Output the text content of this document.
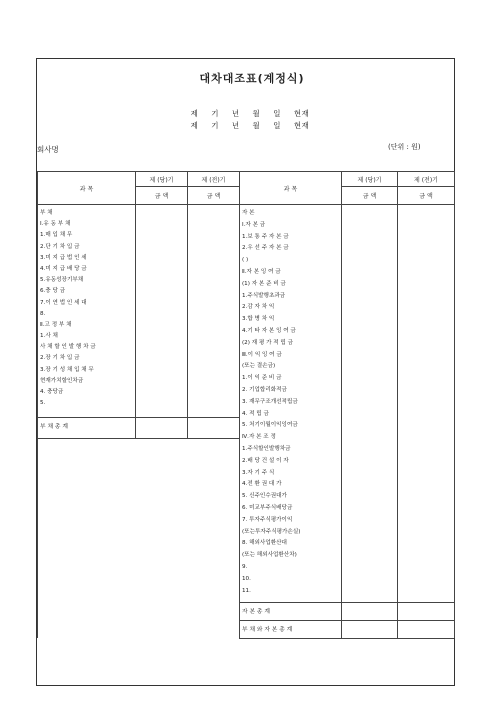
대차대조표(계정식)
제 기 년 월 일 현재
제 기 년 월 일 현재
회사명	(단위 : 원)
과 목	제 (당)기	제 (전)기	과 목	제 (당)기	제 (전)기
	금 액	금 액		금 액	금 액
부 채
Ⅰ.유 동 부 채
1.매 입 채 무
2.단 기 차 입 금
3.미 지 급 법 인 세
4.미 지 급 배 당 금
5.유동성장기부채
6.충 당 금
7.이 연 법 인 세 대
8.
Ⅱ.고 정 부 채
1.사 채
사 채 할 인 발 행 차 금
2.장 기 차 입 금
3.장 기 성 채 입 채 무
현재가치할인차금
4. 충당금
5.
부 채 총 계
자 본
Ⅰ.자 본 금
1.보 통 주 자 본 금
2.우 선 주 자 본 금
( )
Ⅱ.자 본 잉 여 금
(1) 자 본 준 비 금
1.주식발행초과금
2.감 자 차 익
3.합 병 차 익
4.기 타 자 본 잉 여 금
(2) 재 평 가 적 립 금
Ⅲ.이 익 잉 여 금
(또는 결손금)
1.이 익 준 비 금
2. 기업합리화적금
3. 재무구조개선적립금
4. 적 립 금
5. 처기이월이익잉여금
Ⅳ.자 본 조 정
1.주식할인발행차금
2.배 당 건 설 이 자
3.자 기 주 식
4.전 환 권 대 가
5. 신주인수권대가
6. 미교부주식배당금
7. 투자주식평가이익
(또는투자주식평가손실)
8. 해외사업환산대
(또는 해외사업환산차)
9.
10.
11.
자 본 총 계
부 채 와 자 본 총 계
